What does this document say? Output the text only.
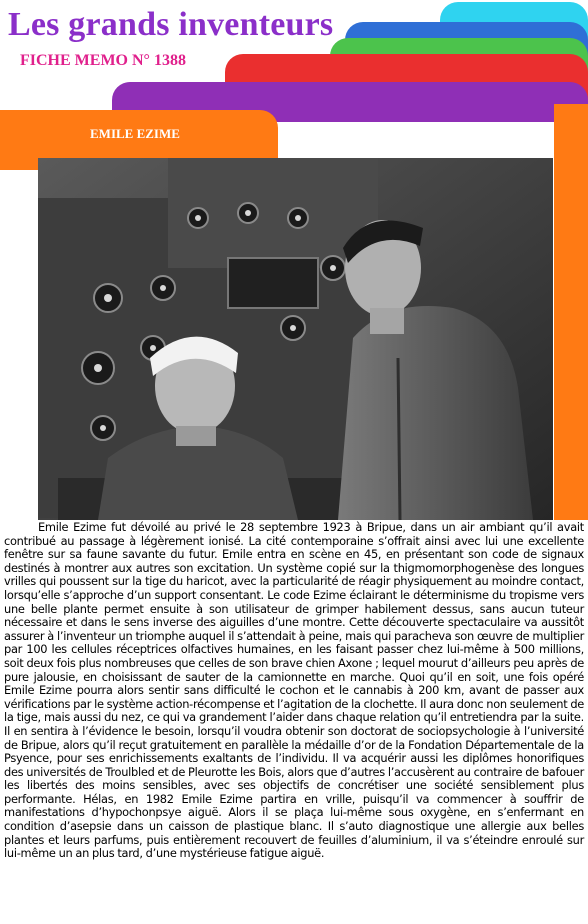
Les grands inventeurs
FICHE MEMO N° 1388
EMILE EZIME

Emile Ezime fut dévoilé au privé le 28 septembre 1923 à Bripue, dans un air ambiant qu’il avait contribué au passage à légèrement ionisé. La cité contemporaine s’offrait ainsi avec lui une excellente fenêtre sur sa faune savante du futur. Emile entra en scène en 45, en présentant son code de signaux destinés à montrer aux autres son excitation. Un système copié sur la thigmomorphogenèse des longues vrilles qui poussent sur la tige du haricot, avec la particularité de réagir physiquement au moindre contact, lorsqu’elle s’approche d’un support consentant. Le code Ezime éclairant le déterminisme du tropisme vers une belle plante permet ensuite à son utilisateur de grimper habilement dessus, sans aucun tuteur nécessaire et dans le sens inverse des aiguilles d’une montre. Cette découverte spectaculaire va aussitôt assurer à l’inventeur un triomphe auquel il s’attendait à peine, mais qui paracheva son œuvre de multiplier par 100 les cellules réceptrices olfactives humaines, en les faisant passer chez lui-même à 500 millions, soit deux fois plus nombreuses que celles de son brave chien Axone ; lequel mourut d’ailleurs peu après de pure jalousie, en choisissant de sauter de la camionnette en marche. Quoi qu’il en soit, une fois opéré Emile Ezime pourra alors sentir sans difficulté le cochon et le cannabis à 200 km, avant de passer aux vérifications par le système action-récompense et l’agitation de la clochette. Il aura donc non seulement de la tige, mais aussi du nez, ce qui va grandement l’aider dans chaque relation qu’il entretiendra par la suite. Il en sentira à l’évidence le besoin, lorsqu’il voudra obtenir son doctorat de sociopsychologie à l’université de Bripue, alors qu’il reçut gratuitement en parallèle la médaille d’or de la Fondation Départementale de la Psyence, pour ses enrichissements exaltants de l’individu. Il va acquérir aussi les diplômes honorifiques des universités de Troulbled et de Pleurotte les Bois, alors que d’autres l’accusèrent au contraire de bafouer les libertés des moins sensibles, avec ses objectifs de concrétiser une société sensiblement plus performante. Hélas, en 1982 Emile Ezime partira en vrille, puisqu’il va commencer à souffrir de manifestations d’hypochonpsye aiguë. Alors il se plaça lui-même sous oxygène, en s’enfermant en condition d’asepsie dans un caisson de plastique blanc. Il s’auto diagnostique une allergie aux belles plantes et leurs parfums, puis entièrement recouvert de feuilles d’aluminium, il va s’éteindre enroulé sur lui-même un an plus tard, d’une mystérieuse fatigue aiguë.
